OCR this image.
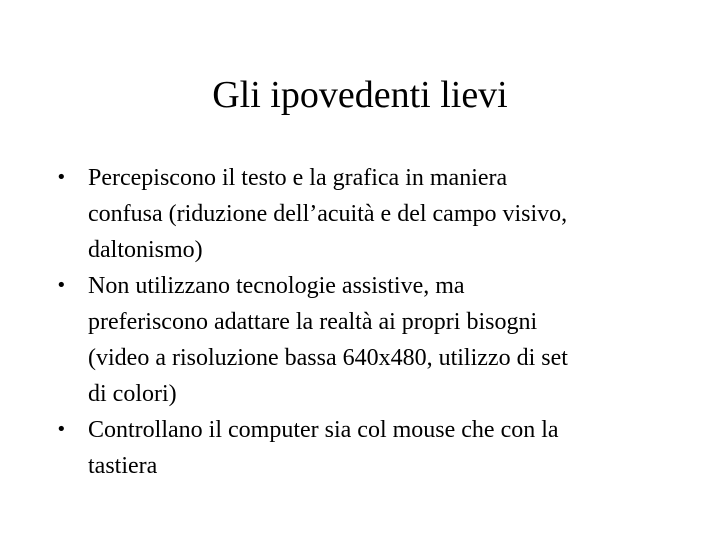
Gli ipovedenti lievi
• Percepiscono il testo e la grafica in maniera
confusa (riduzione dell’acuità e del campo visivo,
daltonismo)
• Non utilizzano tecnologie assistive, ma
preferiscono adattare la realtà ai propri bisogni
(video a risoluzione bassa 640x480, utilizzo di set
di colori)
• Controllano il computer sia col mouse che con la
tastiera
